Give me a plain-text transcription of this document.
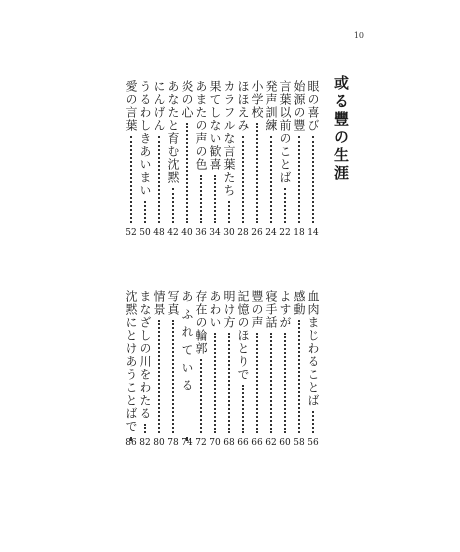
10
或る豐の生涯
眼の喜び
14
始源の豐
18
言葉以前のことば
22
発声訓練
24
小学校
26
ほほえみ
28
カラフルな言葉たち
30
果てしない歓喜
34
あまたの声の色
36
炎の心
40
あなたと育む沈黙
42
にんげん
48
うるわしきあいまい
50
愛の言葉
52
血肉まじわることば
56
感動
58
よすが
60
寝手話
62
豐の声
66
記憶のほとりで
66
明け方
68
あわい
70
存在の輪郭
72
あ ふ れ て い る
74
写真
78
情景
80
まなざしの川をわたる
82
沈黙にとけあうことばで
86
